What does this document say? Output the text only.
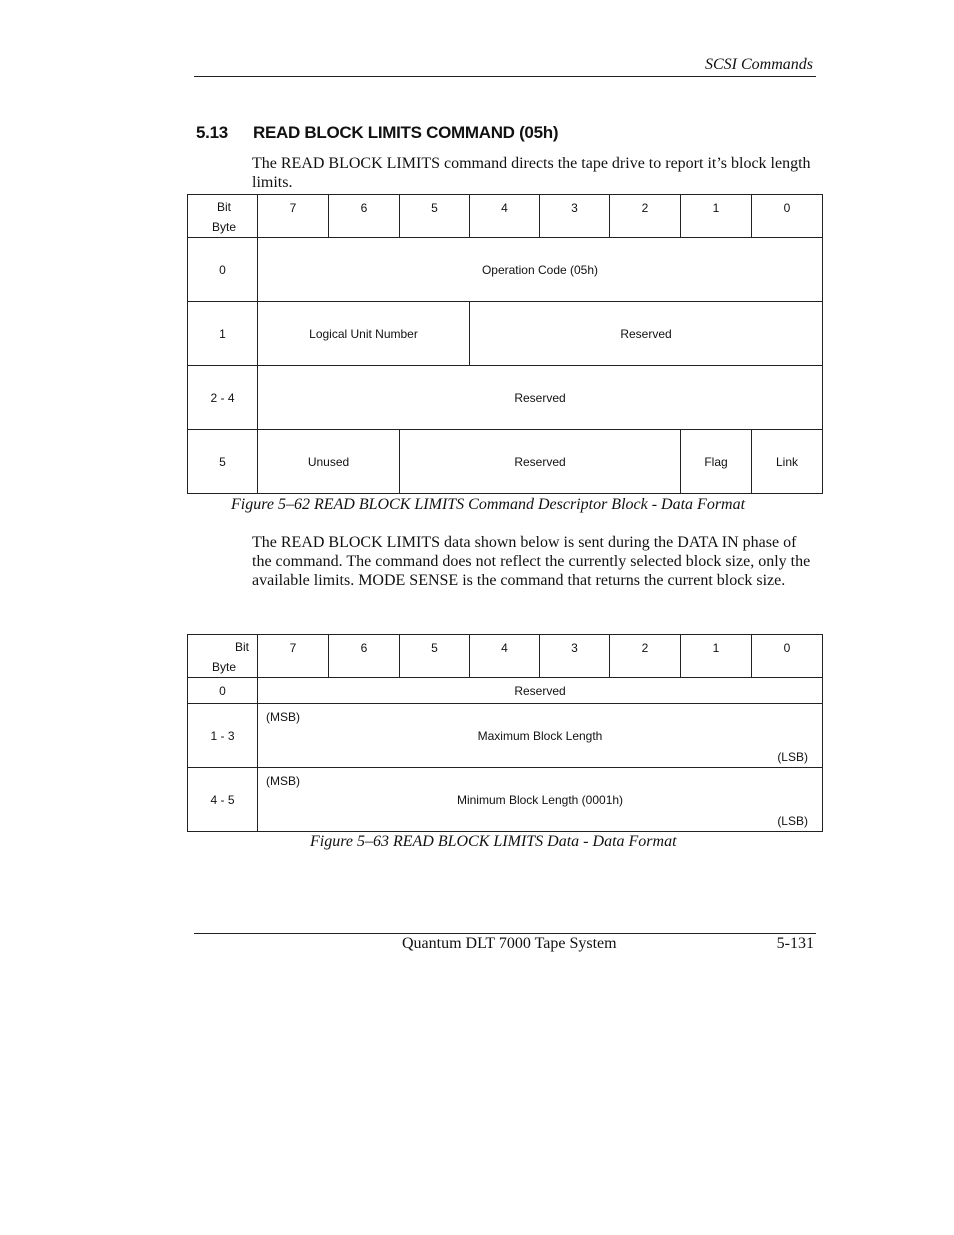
SCSI Commands
5.13 READ BLOCK LIMITS COMMAND (05h)
The READ BLOCK LIMITS command directs the tape drive to report it’s block length limits.
Bit
Byte	7	6	5	4	3	2	1	0
0	Operation Code (05h)							
1	Logical Unit Number			Reserved				
2 - 4	Reserved							
5	Unused		Reserved				Flag	Link
Figure 5–62 READ BLOCK LIMITS Command Descriptor Block - Data Format
The READ BLOCK LIMITS data shown below is sent during the DATA IN phase of the command. The command does not reflect the currently selected block size, only the available limits. MODE SENSE is the command that returns the current block size.
Bit
Byte	7	6	5	4	3	2	1	0
0	Reserved							
1 - 3	(MSB)
Maximum Block Length
(LSB)							

4 - 5	(MSB)
Minimum Block Length (0001h)
(LSB)							
Figure 5–63 READ BLOCK LIMITS Data - Data Format
Quantum DLT 7000 Tape System	5-131
